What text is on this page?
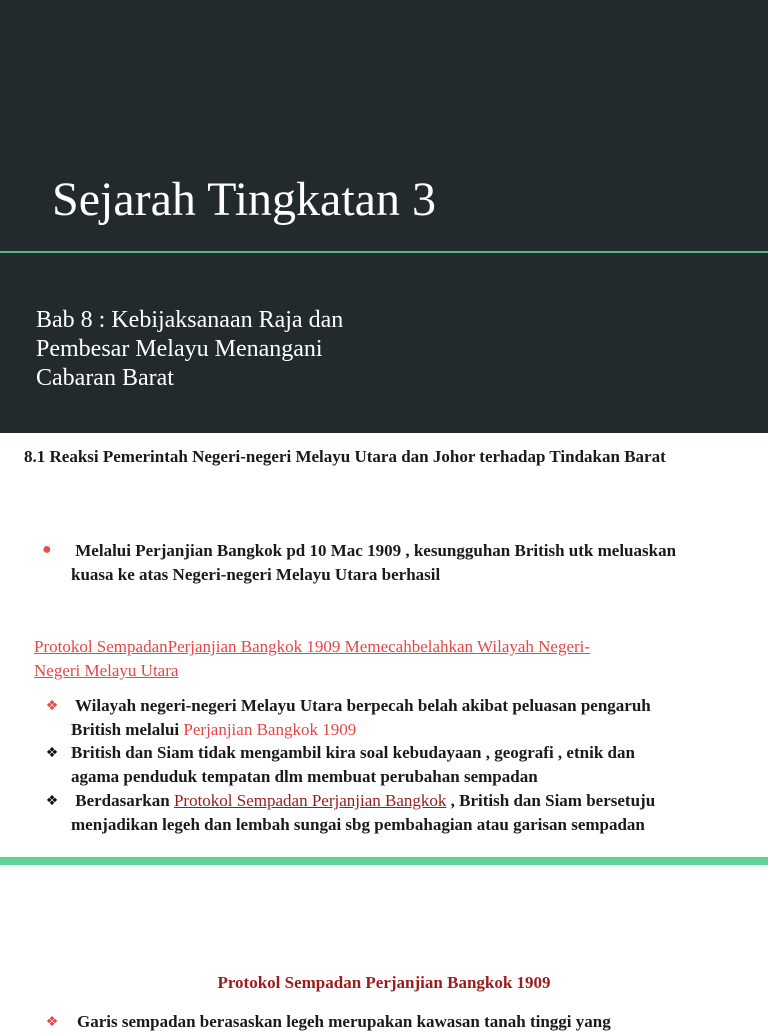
Sejarah Tingkatan 3
Bab 8 : Kebijaksanaan Raja dan
Pembesar Melayu Menangani
Cabaran Barat
8.1 Reaksi Pemerintah Negeri-negeri Melayu Utara dan Johor terhadap Tindakan Barat
● Melalui Perjanjian Bangkok pd 10 Mac 1909 , kesungguhan British utk meluaskan
kuasa ke atas Negeri-negeri Melayu Utara berhasil
Protokol SempadanPerjanjian Bangkok 1909 Memecahbelahkan Wilayah Negeri-
Negeri Melayu Utara
❖ Wilayah negeri-negeri Melayu Utara berpecah belah akibat peluasan pengaruh
British melalui Perjanjian Bangkok 1909
❖ British dan Siam tidak mengambil kira soal kebudayaan , geografi , etnik dan
agama penduduk tempatan dlm membuat perubahan sempadan
❖ Berdasarkan Protokol Sempadan Perjanjian Bangkok , British dan Siam bersetuju
menjadikan legeh dan lembah sungai sbg pembahagian atau garisan sempadan
Protokol Sempadan Perjanjian Bangkok 1909
❖ Garis sempadan berasaskan legeh merupakan kawasan tanah tinggi yang
